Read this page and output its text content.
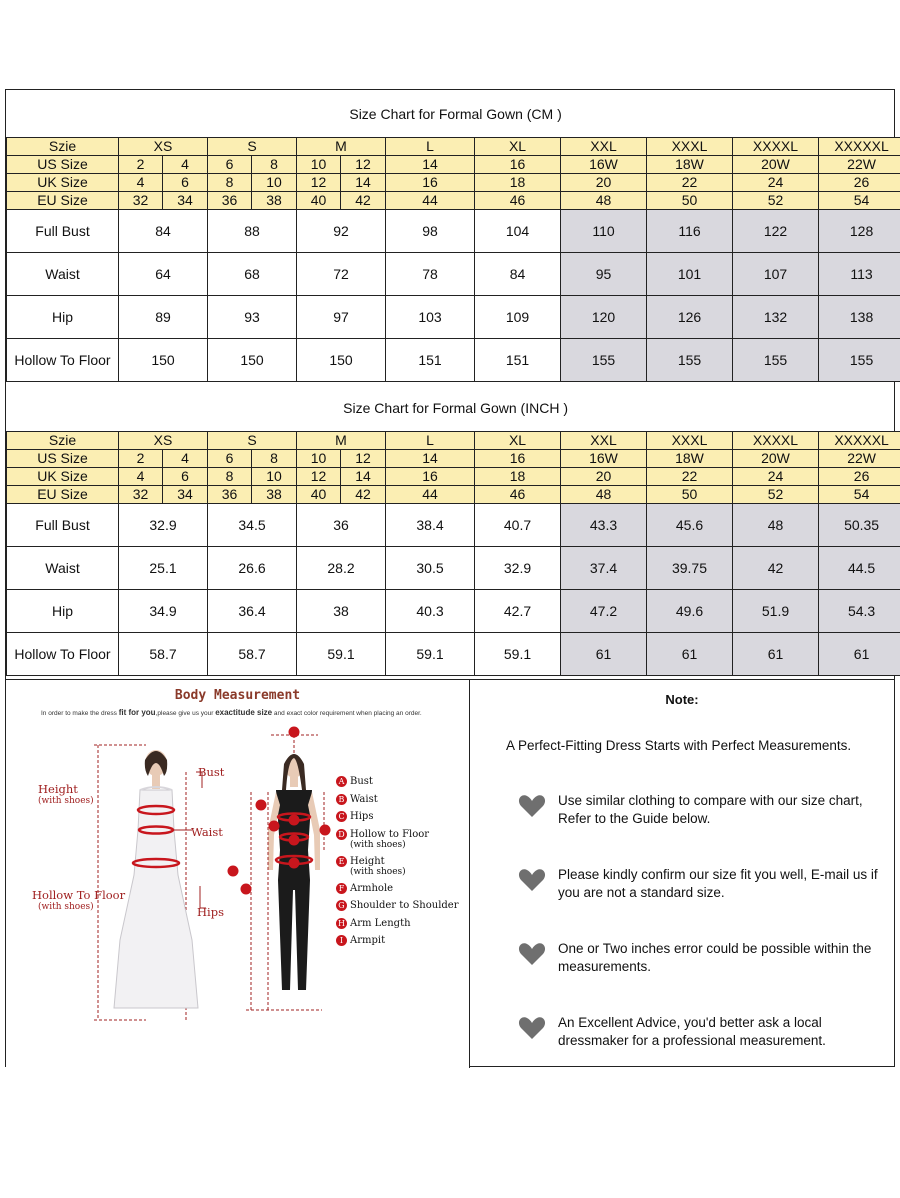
Size Chart for Formal Gown (CM )												
Szie	XS		S		M		L	XL	XXL	XXXL	XXXXL	XXXXXL
US Size	2	4	6	8	10	12	14	16	16W	18W	20W	22W
UK Size	4	6	8	10	12	14	16	18	20	22	24	26
EU Size	32	34	36	38	40	42	44	46	48	50	52	54
Full Bust	84		88		92		98	104	110	116	122	128
Waist	64		68		72		78	84	95	101	107	113
Hip	89		93		97		103	109	120	126	132	138
Hollow To Floor	150		150		150		151	151	155	155	155	155
Size Chart for Formal Gown (INCH )												
Szie	XS		S		M		L	XL	XXL	XXXL	XXXXL	XXXXXL
US Size	2	4	6	8	10	12	14	16	16W	18W	20W	22W
UK Size	4	6	8	10	12	14	16	18	20	22	24	26
EU Size	32	34	36	38	40	42	44	46	48	50	52	54
Full Bust	32.9		34.5		36		38.4	40.7	43.3	45.6	48	50.35
Waist	25.1		26.6		28.2		30.5	32.9	37.4	39.75	42	44.5
Hip	34.9		36.4		38		40.3	42.7	47.2	49.6	51.9	54.3
Hollow To Floor	58.7		58.7		59.1		59.1	59.1	61	61	61	61
Body Measurement
In order to make the dress fit for you,please give us your exactitude size and exact color requirement when placing an order.
Height
(with shoes)
Hollow To Floor
(with shoes)
Bust
Waist
Hips
A Bust
B Waist
C Hips
D Hollow to Floor
(with shoes)
E Height
(with shoes)
F Armhole
G Shoulder to Shoulder
H Arm Length
I Armpit
Note:
A Perfect-Fitting Dress Starts with Perfect Measurements.
Use similar clothing to compare with our size chart,
Refer to the Guide below.
Please kindly confirm our size fit you well, E-mail us if
you are not a standard size.
One or Two inches error could be possible within the
measurements.
An Excellent Advice, you'd better ask a local
dressmaker for a professional measurement.
